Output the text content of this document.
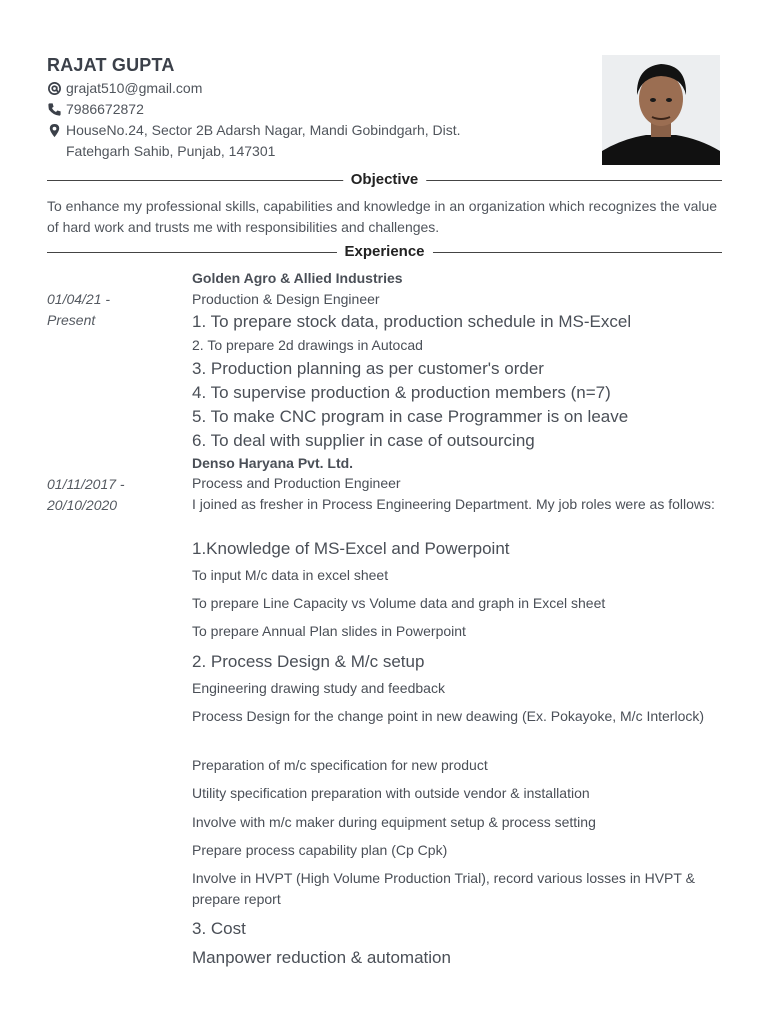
RAJAT GUPTA
grajat510@gmail.com
7986672872
HouseNo.24, Sector 2B Adarsh Nagar, Mandi Gobindgarh, Dist.
Fatehgarh Sahib, Punjab, 147301
Objective
To enhance my professional skills, capabilities and knowledge in an organization which recognizes the value of hard work and trusts me with responsibilities and challenges.
Experience
01/04/21 -
Present
Golden Agro & Allied Industries
Production & Design Engineer
1. To prepare stock data, production schedule in MS-Excel
2. To prepare 2d drawings in Autocad
3. Production planning as per customer's order
4. To supervise production & production members (n=7)
5. To make CNC program in case Programmer is on leave
6. To deal with supplier in case of outsourcing
Denso Haryana Pvt. Ltd.
01/11/2017 -
20/10/2020
Process and Production Engineer
I joined as fresher in Process Engineering Department. My job roles were as follows:
1.Knowledge of MS-Excel and Powerpoint
To input M/c data in excel sheet
To prepare Line Capacity vs Volume data and graph in Excel sheet
To prepare Annual Plan slides in Powerpoint
2. Process Design & M/c setup
Engineering drawing study and feedback
Process Design for the change point in new deawing (Ex. Pokayoke, M/c Interlock)
Preparation of m/c specification for new product
Utility specification preparation with outside vendor & installation
Involve with m/c maker during equipment setup & process setting
Prepare process capability plan (Cp Cpk)
Involve in HVPT (High Volume Production Trial), record various losses in HVPT & prepare report
3. Cost
Manpower reduction & automation
